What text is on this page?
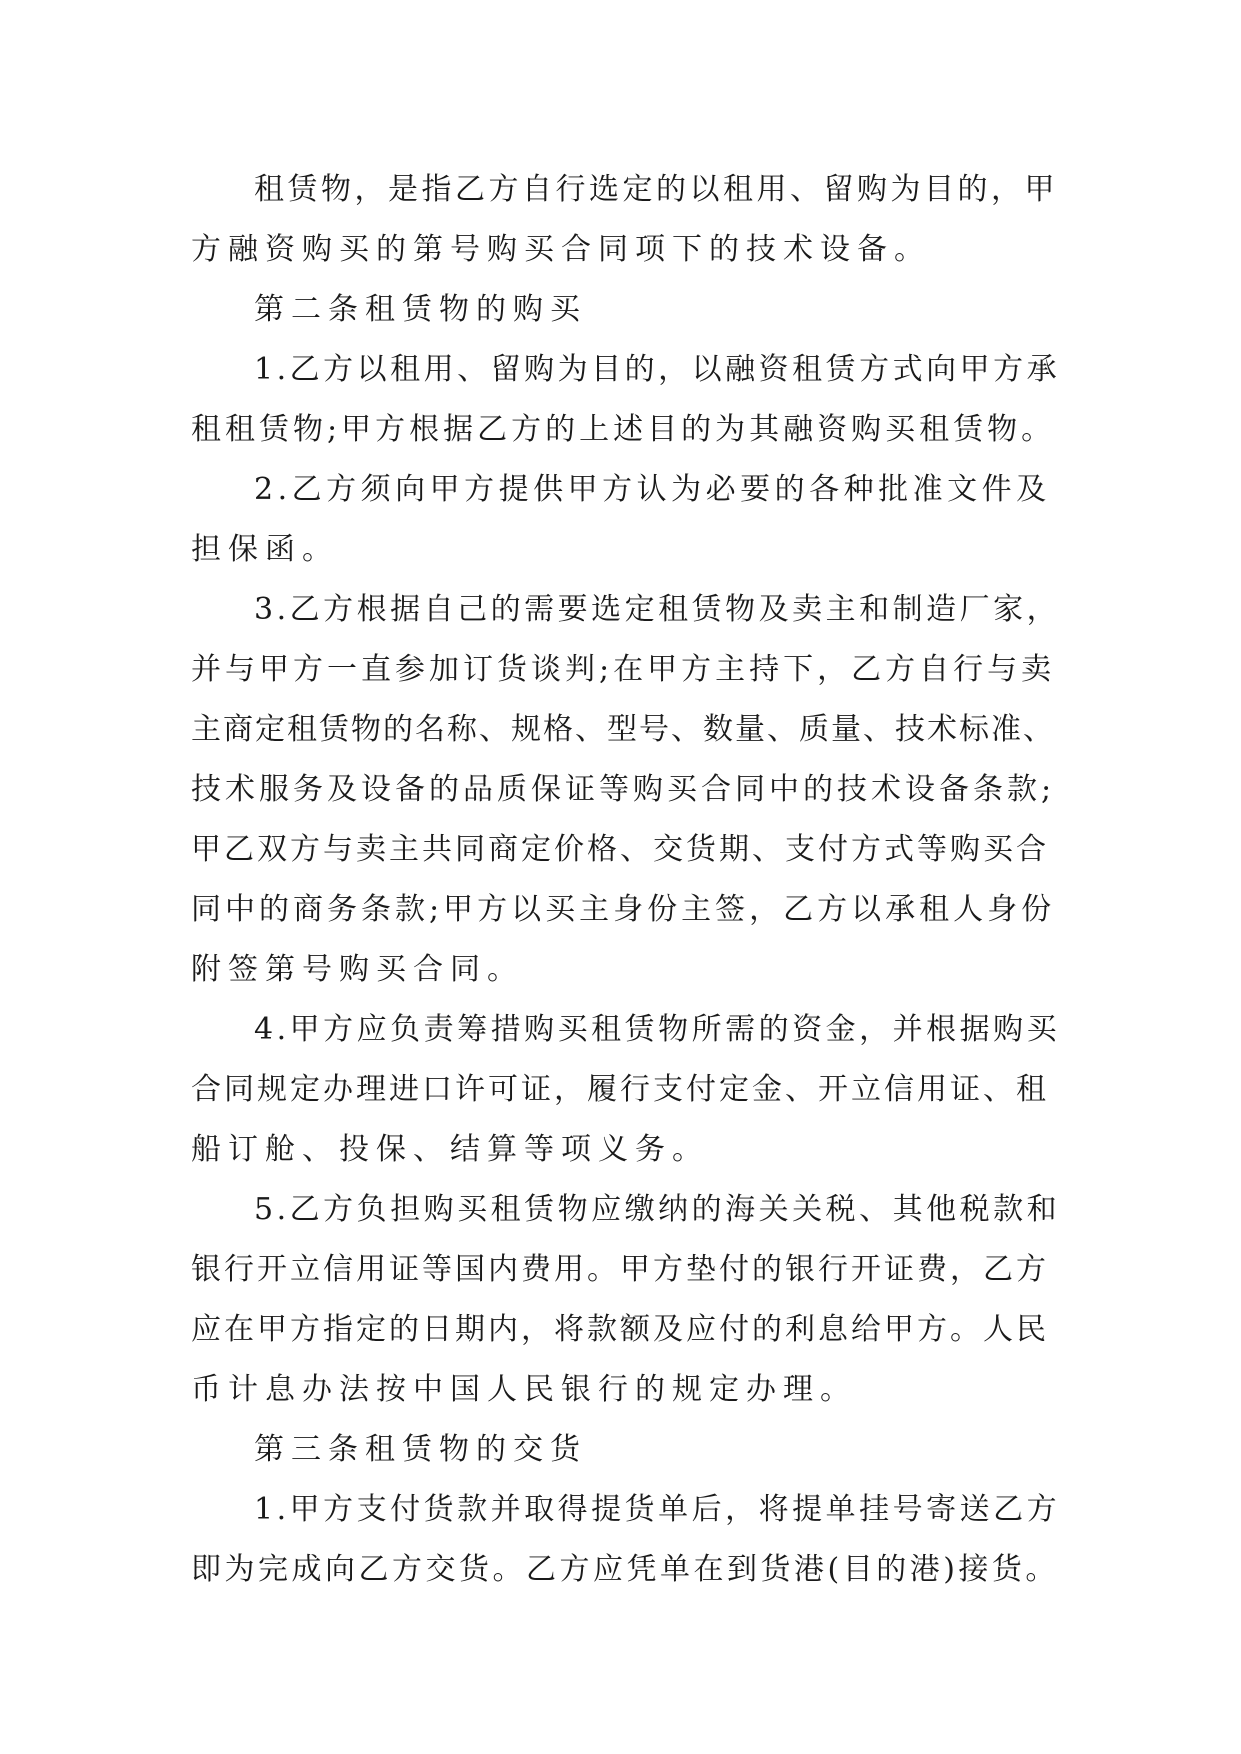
租赁物，是指乙方自行选定的以租用、留购为目的，甲
方融资购买的第号购买合同项下的技术设备。
第二条租赁物的购买
1.乙方以租用、留购为目的，以融资租赁方式向甲方承
租租赁物;甲方根据乙方的上述目的为其融资购买租赁物。
2.乙方须向甲方提供甲方认为必要的各种批准文件及
担保函。
3.乙方根据自己的需要选定租赁物及卖主和制造厂家，
并与甲方一直参加订货谈判;在甲方主持下，乙方自行与卖
主商定租赁物的名称、规格、型号、数量、质量、技术标准、
技术服务及设备的品质保证等购买合同中的技术设备条款;
甲乙双方与卖主共同商定价格、交货期、支付方式等购买合
同中的商务条款;甲方以买主身份主签，乙方以承租人身份
附签第号购买合同。
4.甲方应负责筹措购买租赁物所需的资金，并根据购买
合同规定办理进口许可证，履行支付定金、开立信用证、租
船订舱、投保、结算等项义务。
5.乙方负担购买租赁物应缴纳的海关关税、其他税款和
银行开立信用证等国内费用。甲方垫付的银行开证费，乙方
应在甲方指定的日期内，将款额及应付的利息给甲方。人民
币计息办法按中国人民银行的规定办理。
第三条租赁物的交货
1.甲方支付货款并取得提货单后，将提单挂号寄送乙方
即为完成向乙方交货。乙方应凭单在到货港(目的港)接货。
